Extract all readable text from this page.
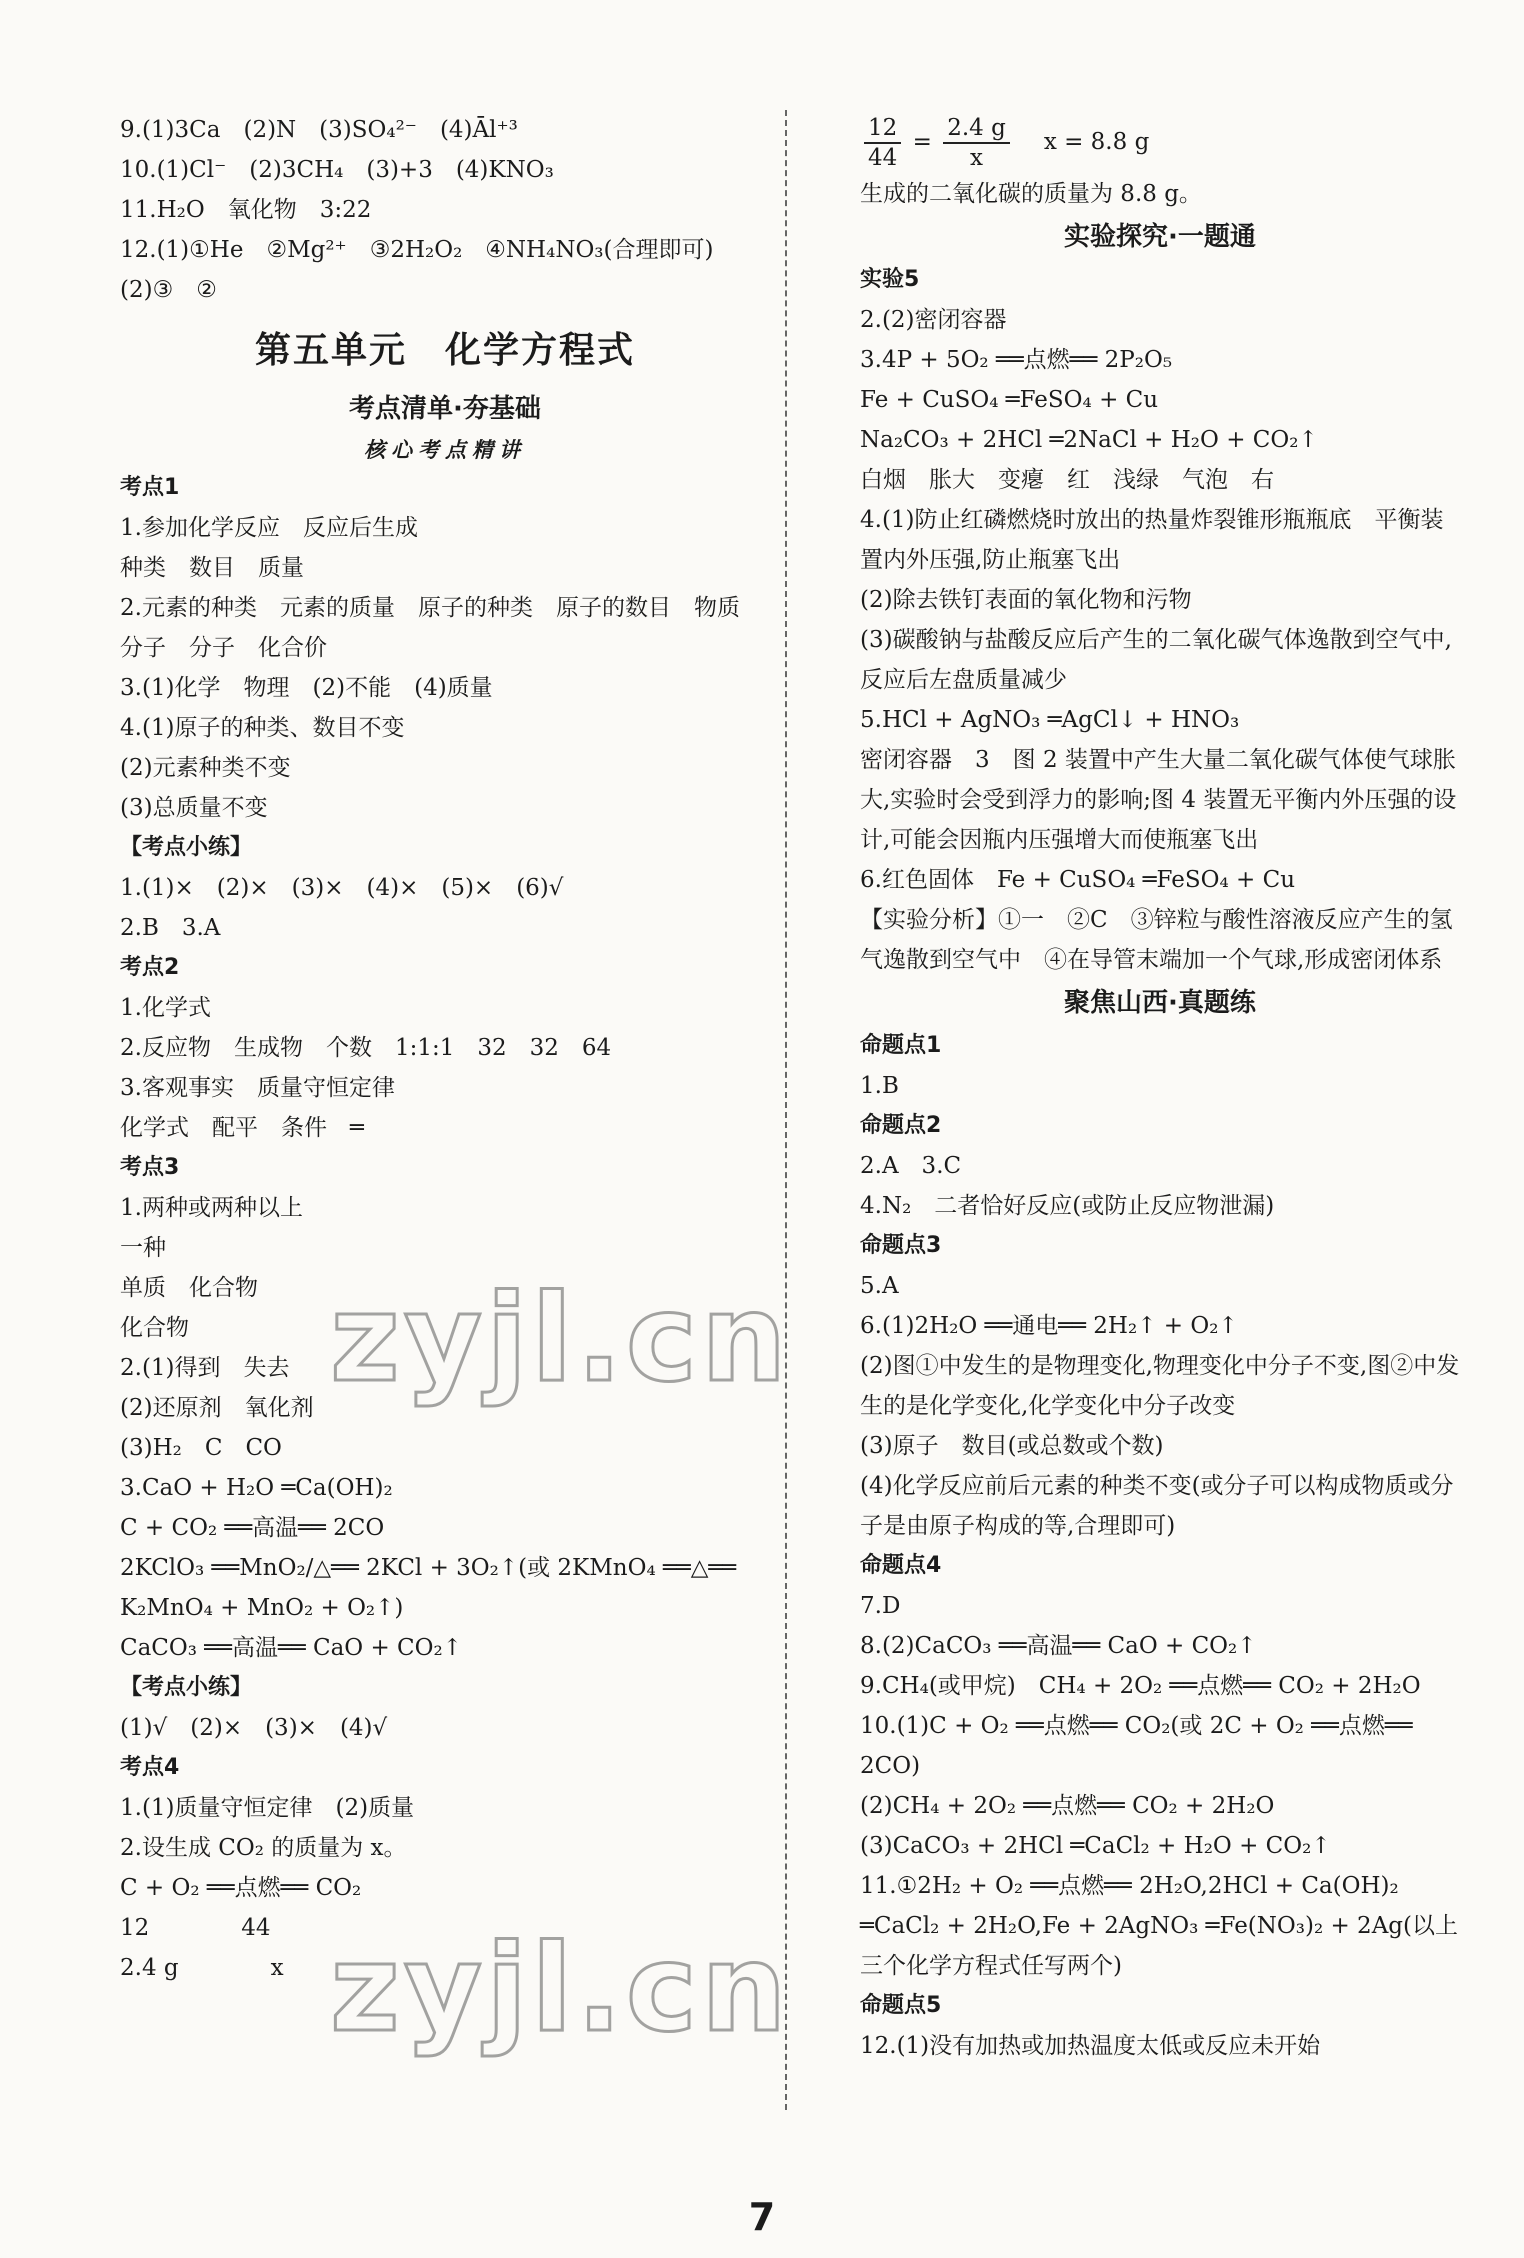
9.(1)3Ca　(2)N　(3)SO₄²⁻　(4)Āl⁺³
10.(1)Cl⁻　(2)3CH₄　(3)+3　(4)KNO₃
11.H₂O　氧化物　3:22
12.(1)①He　②Mg²⁺　③2H₂O₂　④NH₄NO₃(合理即可)
(2)③　②
第五单元　化学方程式
考点清单·夯基础
核心考点精讲
考点1
1.参加化学反应　反应后生成
种类　数目　质量
2.元素的种类　元素的质量　原子的种类　原子的数目　物质　分子　分子　化合价
3.(1)化学　物理　(2)不能　(4)质量
4.(1)原子的种类、数目不变
(2)元素种类不变
(3)总质量不变
【考点小练】
1.(1)×　(2)×　(3)×　(4)×　(5)×　(6)√
2.B　3.A
考点2
1.化学式
2.反应物　生成物　个数　1:1:1　32　32　64
3.客观事实　质量守恒定律
化学式　配平　条件　═
考点3
1.两种或两种以上
一种
单质　化合物
化合物
2.(1)得到　失去
(2)还原剂　氧化剂
(3)H₂　C　CO
3.CaO + H₂O ═Ca(OH)₂
C + CO₂ ══高温══ 2CO
2KClO₃ ══MnO₂/△══ 2KCl + 3O₂↑(或 2KMnO₄ ══△══ K₂MnO₄ + MnO₂ + O₂↑)
CaCO₃ ══高温══ CaO + CO₂↑
【考点小练】
(1)√　(2)×　(3)×　(4)√
考点4
1.(1)质量守恒定律　(2)质量
2.设生成 CO₂ 的质量为 x。
C + O₂ ══点燃══ CO₂
12　　　　44
2.4 g　　　　x
$\frac{12}{44} = \frac{2.4 g}{x}$ x = 8.8 g
生成的二氧化碳的质量为 8.8 g。
实验探究·一题通
实验5
2.(2)密闭容器
3.4P + 5O₂ ══点燃══ 2P₂O₅
Fe + CuSO₄ ═FeSO₄ + Cu
Na₂CO₃ + 2HCl ═2NaCl + H₂O + CO₂↑
白烟　胀大　变瘪　红　浅绿　气泡　右
4.(1)防止红磷燃烧时放出的热量炸裂锥形瓶瓶底　平衡装置内外压强,防止瓶塞飞出
(2)除去铁钉表面的氧化物和污物
(3)碳酸钠与盐酸反应后产生的二氧化碳气体逸散到空气中,反应后左盘质量减少
5.HCl + AgNO₃ ═AgCl↓ + HNO₃
密闭容器　3　图 2 装置中产生大量二氧化碳气体使气球胀大,实验时会受到浮力的影响;图 4 装置无平衡内外压强的设计,可能会因瓶内压强增大而使瓶塞飞出
6.红色固体　Fe + CuSO₄ ═FeSO₄ + Cu
【实验分析】①一　②C　③锌粒与酸性溶液反应产生的氢气逸散到空气中　④在导管末端加一个气球,形成密闭体系
聚焦山西·真题练
命题点1
1.B
命题点2
2.A　3.C
4.N₂　二者恰好反应(或防止反应物泄漏)
命题点3
5.A
6.(1)2H₂O ══通电══ 2H₂↑ + O₂↑
(2)图①中发生的是物理变化,物理变化中分子不变,图②中发生的是化学变化,化学变化中分子改变
(3)原子　数目(或总数或个数)
(4)化学反应前后元素的种类不变(或分子可以构成物质或分子是由原子构成的等,合理即可)
命题点4
7.D
8.(2)CaCO₃ ══高温══ CaO + CO₂↑
9.CH₄(或甲烷)　CH₄ + 2O₂ ══点燃══ CO₂ + 2H₂O
10.(1)C + O₂ ══点燃══ CO₂(或 2C + O₂ ══点燃══ 2CO)
(2)CH₄ + 2O₂ ══点燃══ CO₂ + 2H₂O
(3)CaCO₃ + 2HCl ═CaCl₂ + H₂O + CO₂↑
11.①2H₂ + O₂ ══点燃══ 2H₂O,2HCl + Ca(OH)₂ ═CaCl₂ + 2H₂O,Fe + 2AgNO₃ ═Fe(NO₃)₂ + 2Ag(以上三个化学方程式任写两个)
命题点5
12.(1)没有加热或加热温度太低或反应未开始
zyjl.cn
zyjl.cn
7
